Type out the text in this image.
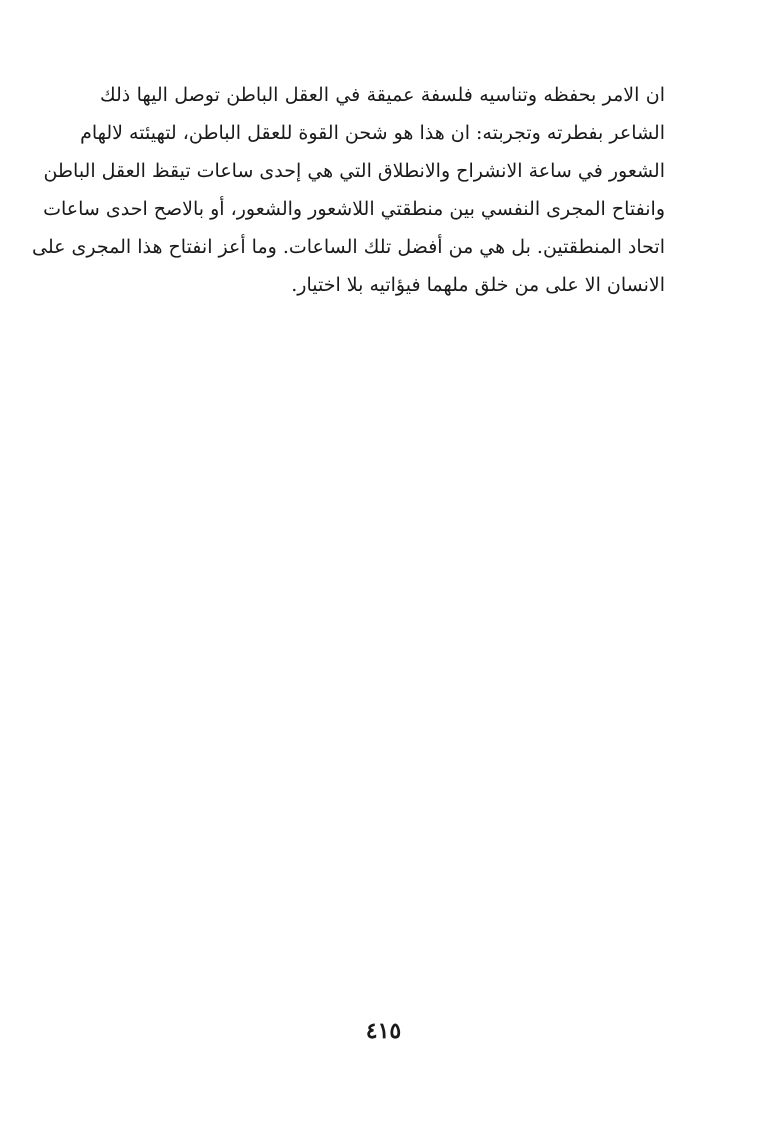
ان الامر بحفظه وتناسيه فلسفة عميقة في العقل الباطن توصل اليها ذلك
الشاعر بفطرته وتجربته: ان هذا هو شحن القوة للعقل الباطن، لتهيئته لالهام
الشعور في ساعة الانشراح والانطلاق التي هي إحدى ساعات تيقظ العقل الباطن
وانفتاح المجرى النفسي بين منطقتي اللاشعور والشعور، أو بالاصح احدى ساعات
اتحاد المنطقتين. بل هي من أفضل تلك الساعات. وما أعز انفتاح هذا المجرى على
الانسان الا على من خلق ملهما فيؤاتيه بلا اختيار.
٤١٥
